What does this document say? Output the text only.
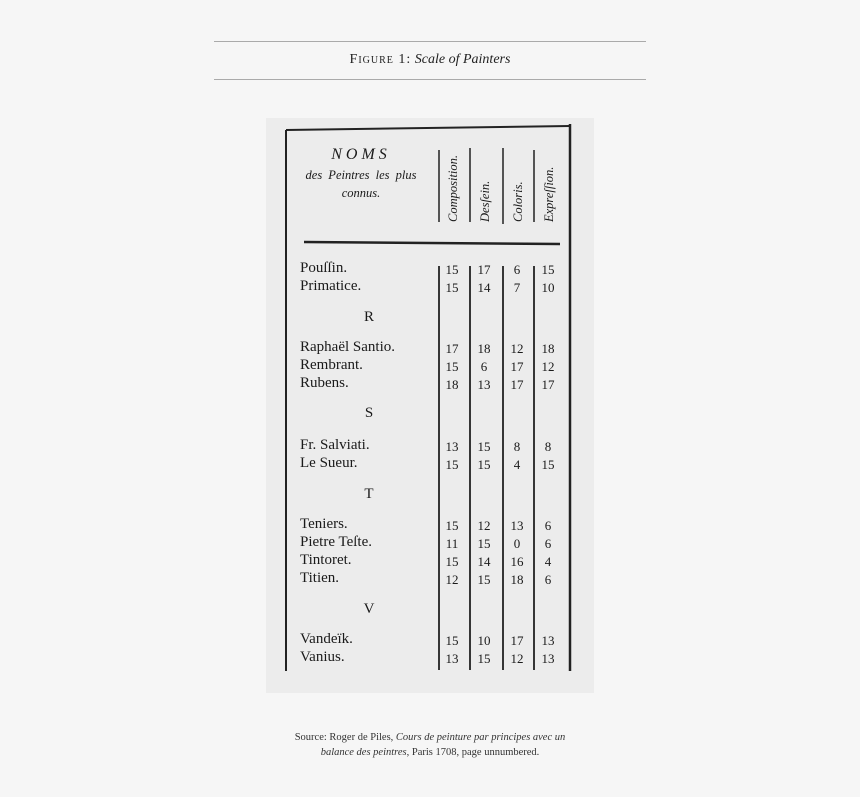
Figure 1: Scale of Painters
NOMS
des Peintres les plus
connus.	Composition. Desſein. Coloris. Expreſſion.
Pouſſin.	15	17	6	15
Primatice.	15	14	7	10
R
Raphaël Santio.	17	18	12	18
Rembrant.	15	6	17	12
Rubens.	18	13	17	17
S
Fr. Salviati.	13	15	8	8
Le Sueur.	15	15	4	15
T
Teniers.	15	12	13	6
Pietre Teſte.	11	15	0	6
Tintoret.	15	14	16	4
Titien.	12	15	18	6
V
Vandeïk.	15	10	17	13
Vanius.	13	15	12	13
Source: Roger de Piles, Cours de peinture par principes avec un
balance des peintres, Paris 1708, page unnumbered.
